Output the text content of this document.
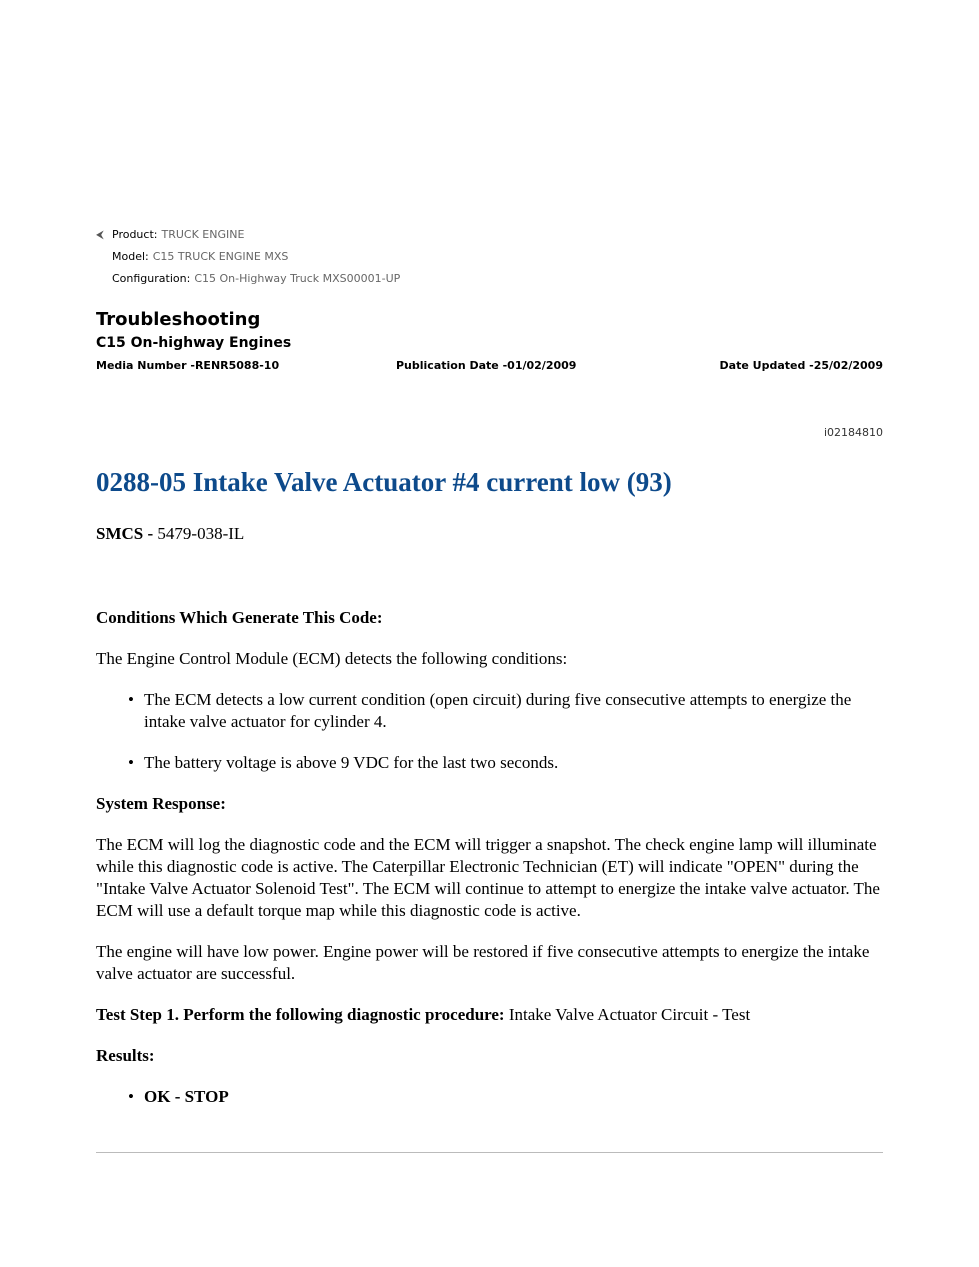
⮜ Product: TRUCK ENGINE
Model: C15 TRUCK ENGINE MXS
Configuration: C15 On-Highway Truck MXS00001-UP
Troubleshooting
C15 On-highway Engines
Media Number -RENR5088-10	Publication Date -01/02/2009	Date Updated -25/02/2009
i02184810
0288-05 Intake Valve Actuator #4 current low (93)

SMCS - 5479-038-IL

Conditions Which Generate This Code:

The Engine Control Module (ECM) detects the following conditions:

• The ECM detects a low current condition (open circuit) during five consecutive attempts to energize the intake valve actuator for cylinder 4.
• The battery voltage is above 9 VDC for the last two seconds.

System Response:

The ECM will log the diagnostic code and the ECM will trigger a snapshot. The check engine lamp will illuminate while this diagnostic code is active. The Caterpillar Electronic Technician (ET) will indicate "OPEN" during the "Intake Valve Actuator Solenoid Test". The ECM will continue to attempt to energize the intake valve actuator. The ECM will use a default torque map while this diagnostic code is active.

The engine will have low power. Engine power will be restored if five consecutive attempts to energize the intake valve actuator are successful.

Test Step 1. Perform the following diagnostic procedure: Intake Valve Actuator Circuit - Test

Results:

• OK - STOP
